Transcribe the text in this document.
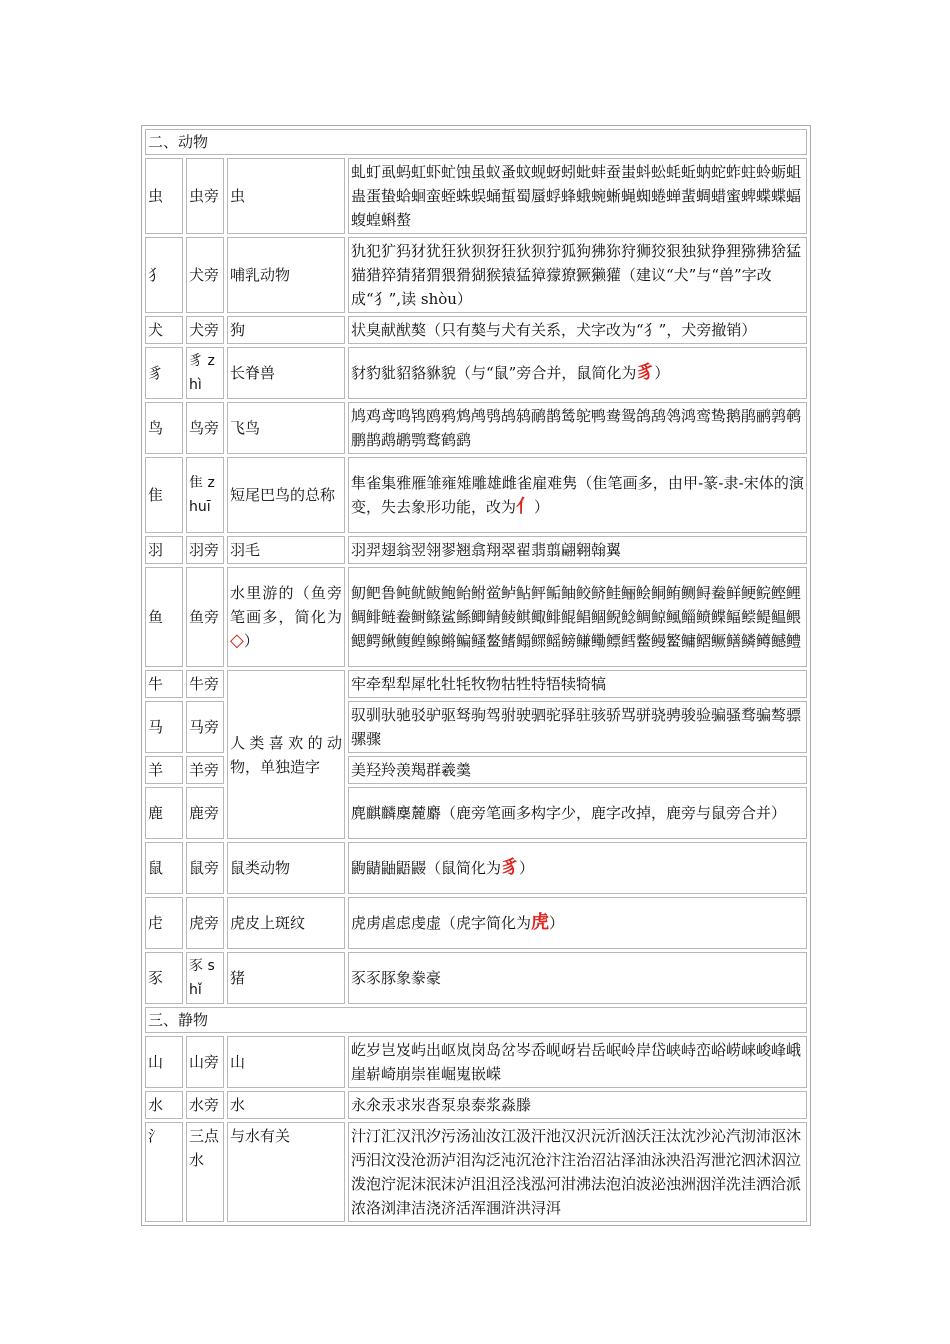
二、动物			
虫	虫旁	虫	虬虰虱蚂虹虾虻蚀虽蚁蚤蚊蚬蚜蚓蚍蚌蚕蚩蚪蚣蚝蚯蚋蛇蚱蛀蛉蛎蛆蛊蛋蛰蛤蛔蛮蛭蛛蜈蛹蜇蜀蜃蜉蜂蛾蜿蜥蝇蜘蜷蝉蜚蜩蜡蜜蜱蝶蝶蝠蝮蝗蝌螯
犭	犬旁	哺乳动物	犰犯犷犸犲犹狂狄狈犽狂狄狈狞狐狗狒狝狩狮狡狠独狱狰狸猕狒猞猛猫猎猝猜猪猬猥猾猢猴猿猛獐獴獠獗獭獾（建议“犬”与“兽”字改成“犭”,读 shòu）
犬	犬旁	狗	状臭献猷獒（只有獒与犬有关系，犬字改为“犭”，犬旁撤销）
豸	豸 zhì	长脊兽	豺豹豼貂貉貅貌（与“鼠”旁合并，鼠简化为豸）
鸟	鸟旁	飞鸟	鸠鸡鸢鸣鸨鸥鸦鸩鸬鸮鸪鸫鸸鹊鸶鸵鸭鸯鸳鸽鸹鸰鸿鸾鸷鹅鹃鹂鹑鹌鹏鹊鹉鹕鹗鹜鹤鹞
隹	隹 zhuī	短尾巴鸟的总称	隼雀集雅雁雏雍雉雕雄雌雀雇难隽（隹笔画多，由甲-篆-隶-宋体的演变，失去象形功能，改为亻）
羽	羽旁	羽毛	羽羿翅翁翌翎翏翘翕翔翠翟翡翦翩翱翰翼
鱼	鱼旁	水里游的（鱼旁笔画多，简化为◇）	鱽鲃鲁鲀鱿鲅鲍鲐鲋鲎鲈鲇鲆鲘鲉鲛鲚鲑鲡鲙鲖鲔鲗鲟鲞鲜鲠鲩鲣鲤鲷鲱鲢鲞鲥鲦鲨鲧鲫鲭鲮鲯鲰鲱鲲鲳鲴鲵鲶鲷鲸鲺鲻鲼鲽鲾鲿鳀鳁鳂鳃鳄鳅鳆鳇鳈鳉鳊鳋鳌鳍鳎鳏鳐鳑鳒鳓鳔鳕鳖鳗鳘鳙鳛鳜鳝鳞鳟鳡鳢
牛	牛旁	人类喜欢的动物，单独造字	牢牵犁犁犀牝牡牦牧物牯牲特牾犊犄犒
马	马旁		驭驯驮驰驳驴驱驽驹驾驸驶驷驼驿驻骇骄骂骈骁骋骏验骗骚骛骗骜骠骡骤
羊	羊旁		美羟羚羡羯群羲羹
鹿	鹿旁		麂麒麟麇麓麝（鹿旁笔画多构字少，鹿字改掉，鹿旁与鼠旁合并）
鼠	鼠旁	鼠类动物	鼩鼱鼬鼯鼹（鼠简化为豸）
虍	虎旁	虎皮上斑纹	虎虏虐虑虔虚（虎字简化为虎）
豕	豕 shǐ	猪	豕豕豚象豢豪
三、静物			
山	山旁	山	屹岁岂岌屿出岖岚岗岛岔岑岙岘岈岩岳岷岭岸岱峡峙峦峪崂崃峻峰峨崖崭崎崩崇崔崛嵬嵌嵘
水	水旁	水	永氽汞求汖沓泵泉泰浆淼滕
氵	三点水	与水有关	汁汀汇汉汛汐污汤汕汝江汲汗池汉沢沅沂汹沃汪汰沈沙沁汽沏沛沤沐沔汨汶没沧沥泸泪沟泛沌沉沧汴注治沼沾泽油泳泱沿泻泄沱泗沭泅泣泼泡泞泥沫泯沫泸沮沮泾浅泓河泔沸法泡泊波泌浊洲洇洋洗洼洒洽派浓洛浏津洁浇济活浑涠浒洪浔洱
